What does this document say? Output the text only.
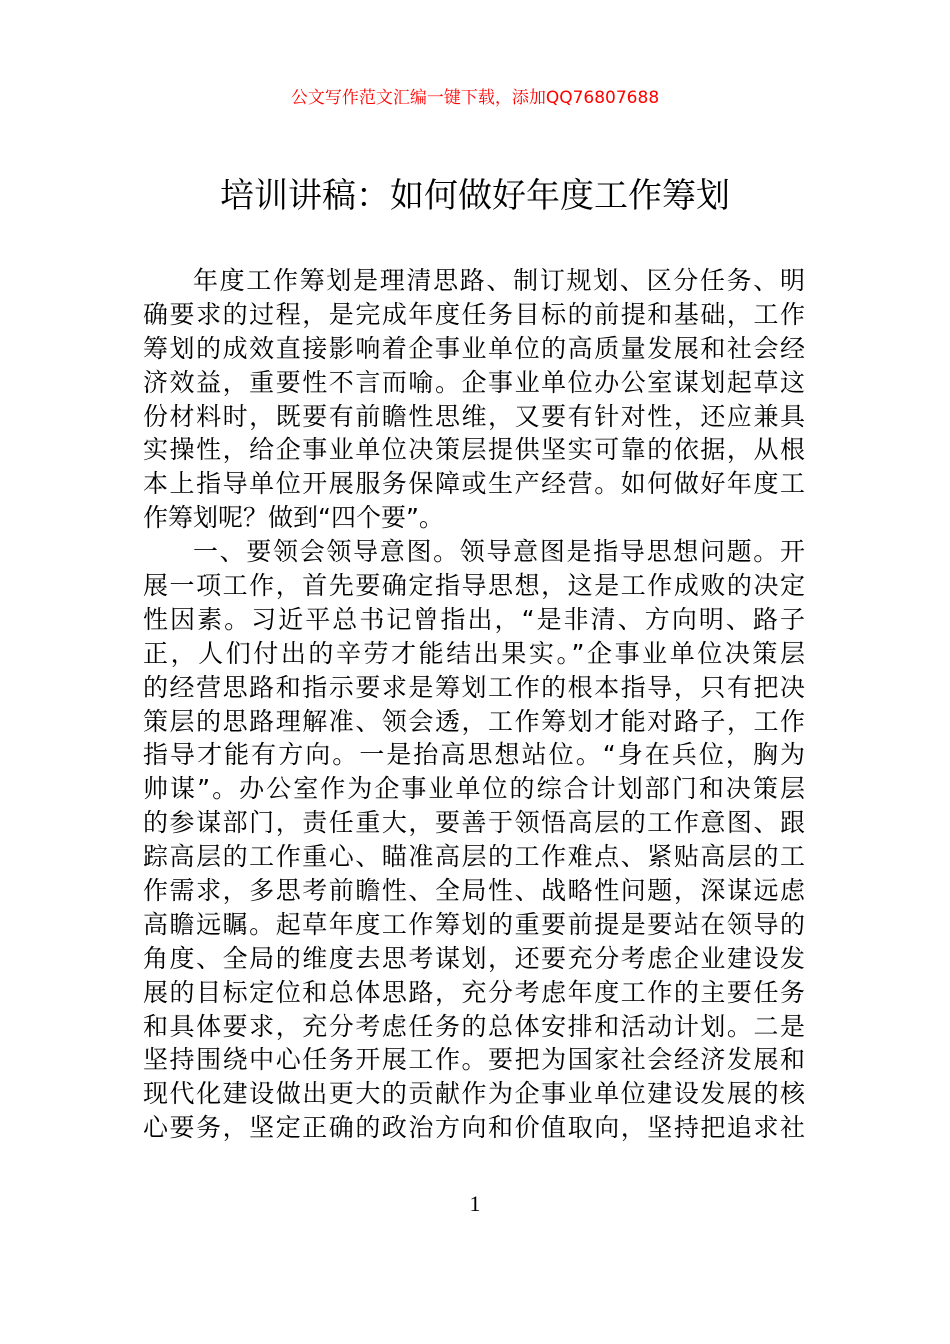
公文写作范文汇编一键下载，添加QQ76807688
培训讲稿：如何做好年度工作筹划
年度工作筹划是理清思路、制订规划、区分任务、明
确要求的过程，是完成年度任务目标的前提和基础，工作
筹划的成效直接影响着企事业单位的高质量发展和社会经
济效益，重要性不言而喻。企事业单位办公室谋划起草这
份材料时，既要有前瞻性思维，又要有针对性，还应兼具
实操性，给企事业单位决策层提供坚实可靠的依据，从根
本上指导单位开展服务保障或生产经营。如何做好年度工
作筹划呢？做到“四个要”。
一、要领会领导意图。领导意图是指导思想问题。开
展一项工作，首先要确定指导思想，这是工作成败的决定
性因素。习近平总书记曾指出，“是非清、方向明、路子
正，人们付出的辛劳才能结出果实。”企事业单位决策层
的经营思路和指示要求是筹划工作的根本指导，只有把决
策层的思路理解准、领会透，工作筹划才能对路子，工作
指导才能有方向。一是抬高思想站位。“身在兵位，胸为
帅谋”。办公室作为企事业单位的综合计划部门和决策层
的参谋部门，责任重大，要善于领悟高层的工作意图、跟
踪高层的工作重心、瞄准高层的工作难点、紧贴高层的工
作需求，多思考前瞻性、全局性、战略性问题，深谋远虑
高瞻远瞩。起草年度工作筹划的重要前提是要站在领导的
角度、全局的维度去思考谋划，还要充分考虑企业建设发
展的目标定位和总体思路，充分考虑年度工作的主要任务
和具体要求，充分考虑任务的总体安排和活动计划。二是
坚持围绕中心任务开展工作。要把为国家社会经济发展和
现代化建设做出更大的贡献作为企事业单位建设发展的核
心要务，坚定正确的政治方向和价值取向，坚持把追求社
1
